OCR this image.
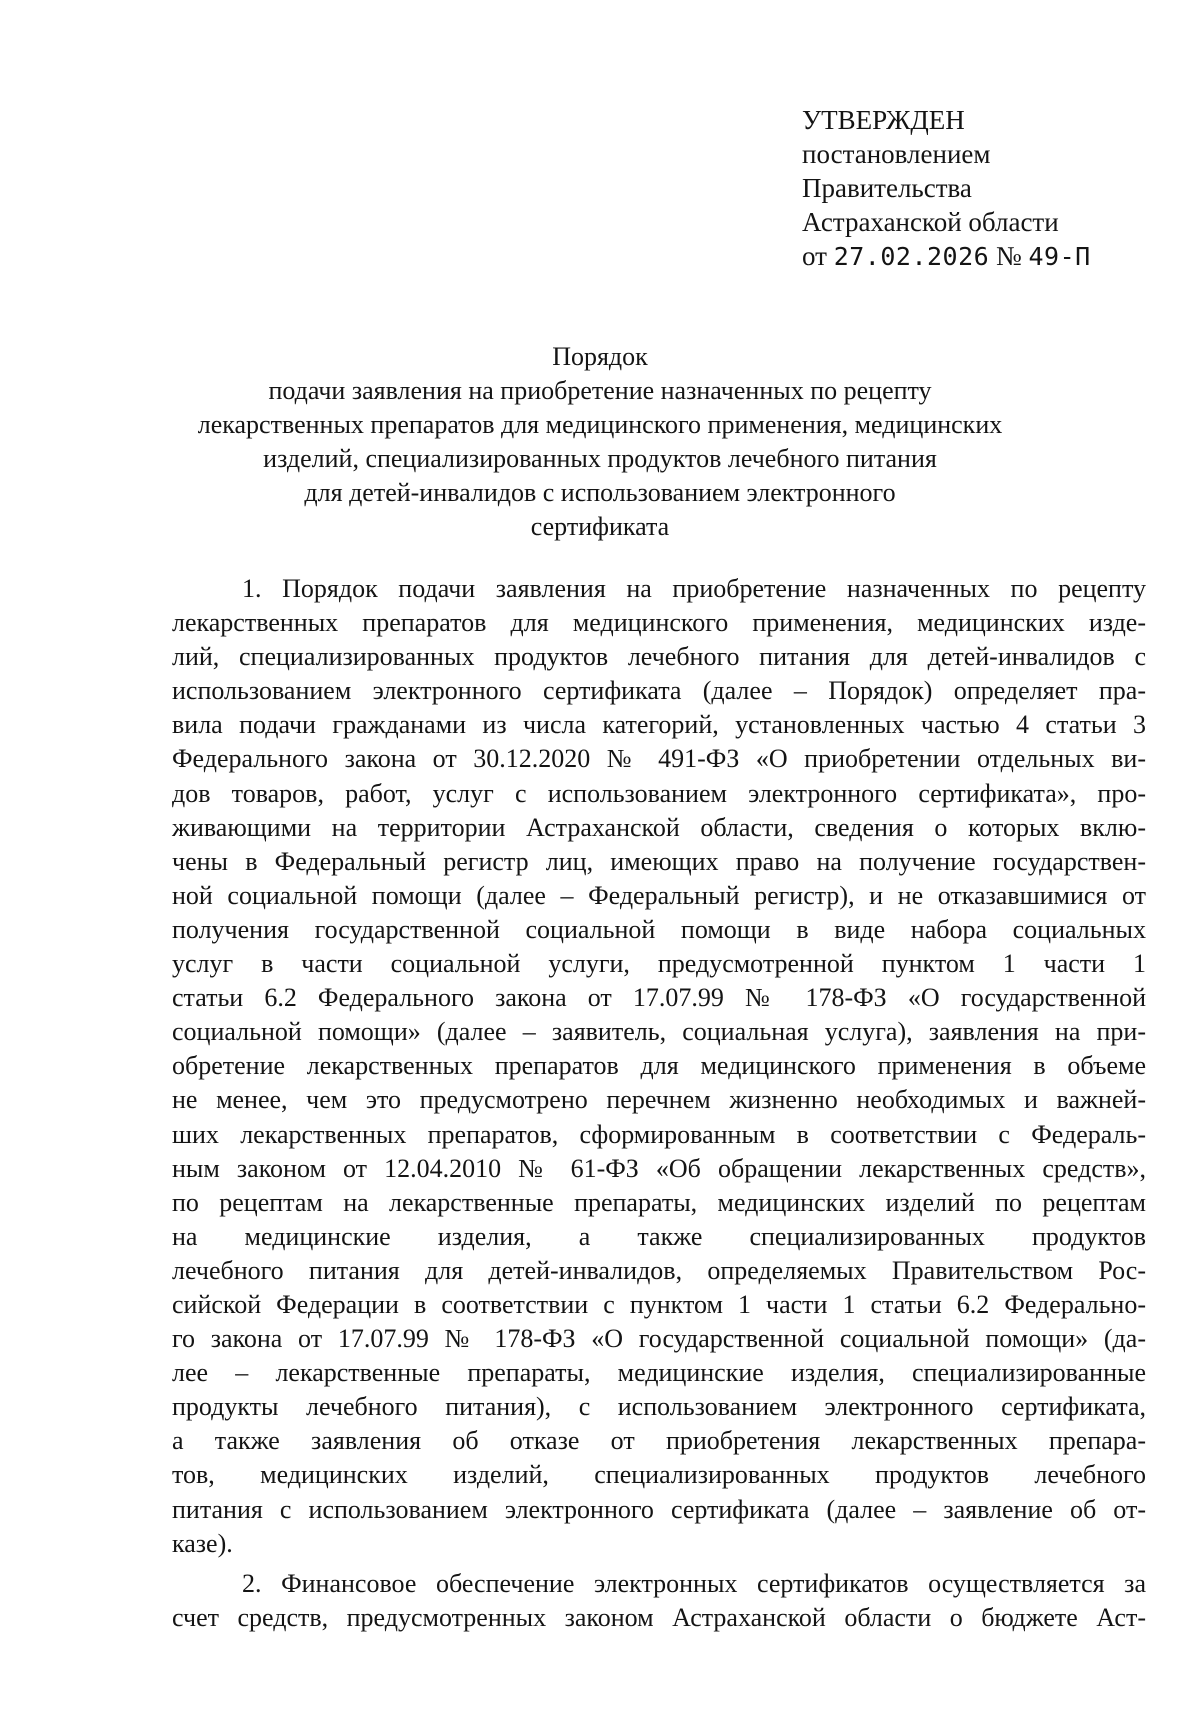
УТВЕРЖДЕН
постановлением
Правительства
Астраханской области
от 27.02.2026 № 49-П
Порядок
подачи заявления на приобретение назначенных по рецепту
лекарственных препаратов для медицинского применения, медицинских
изделий, специализированных продуктов лечебного питания
для детей-инвалидов с использованием электронного
сертификата
1. Порядок подачи заявления на приобретение назначенных по рецепту
лекарственных препаратов для медицинского применения, медицинских изде-
лий, специализированных продуктов лечебного питания для детей-инвалидов с
использованием электронного сертификата (далее – Порядок) определяет пра-
вила подачи гражданами из числа категорий, установленных частью 4 статьи 3
Федерального закона от 30.12.2020 № 491-ФЗ «О приобретении отдельных ви-
дов товаров, работ, услуг с использованием электронного сертификата», про-
живающими на территории Астраханской области, сведения о которых вклю-
чены в Федеральный регистр лиц, имеющих право на получение государствен-
ной социальной помощи (далее – Федеральный регистр), и не отказавшимися от
получения государственной социальной помощи в виде набора социальных
услуг в части социальной услуги, предусмотренной пунктом 1 части 1
статьи 6.2 Федерального закона от 17.07.99 № 178-ФЗ «О государственной
социальной помощи» (далее – заявитель, социальная услуга), заявления на при-
обретение лекарственных препаратов для медицинского применения в объеме
не менее, чем это предусмотрено перечнем жизненно необходимых и важней-
ших лекарственных препаратов, сформированным в соответствии с Федераль-
ным законом от 12.04.2010 № 61-ФЗ «Об обращении лекарственных средств»,
по рецептам на лекарственные препараты, медицинских изделий по рецептам
на медицинские изделия, а также специализированных продуктов
лечебного питания для детей-инвалидов, определяемых Правительством Рос-
сийской Федерации в соответствии с пунктом 1 части 1 статьи 6.2 Федерально-
го закона от 17.07.99 № 178-ФЗ «О государственной социальной помощи» (да-
лее – лекарственные препараты, медицинские изделия, специализированные
продукты лечебного питания), с использованием электронного сертификата,
а также заявления об отказе от приобретения лекарственных препара-
тов, медицинских изделий, специализированных продуктов лечебного
питания с использованием электронного сертификата (далее – заявление об от-
казе).
2. Финансовое обеспечение электронных сертификатов осуществляется за
счет средств, предусмотренных законом Астраханской области о бюджете Аст-
